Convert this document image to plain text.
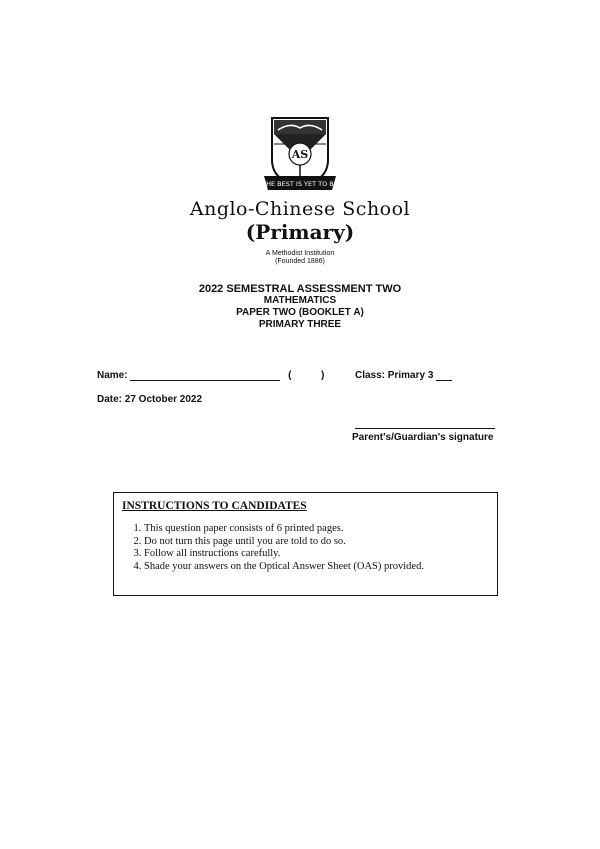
AS
THE BEST IS YET TO BE
Anglo-Chinese School
(Primary)
A Methodist Institution
(Founded 1886)
2022 SEMESTRAL ASSESSMENT TWO
MATHEMATICS
PAPER TWO (BOOKLET A)
PRIMARY THREE
Name:	(	)	Class: Primary 3
Date: 27 October 2022
Parent's/Guardian's signature
INSTRUCTIONS TO CANDIDATES
1. This question paper consists of 6 printed pages.
2. Do not turn this page until you are told to do so.
3. Follow all instructions carefully.
4. Shade your answers on the Optical Answer Sheet (OAS) provided.
